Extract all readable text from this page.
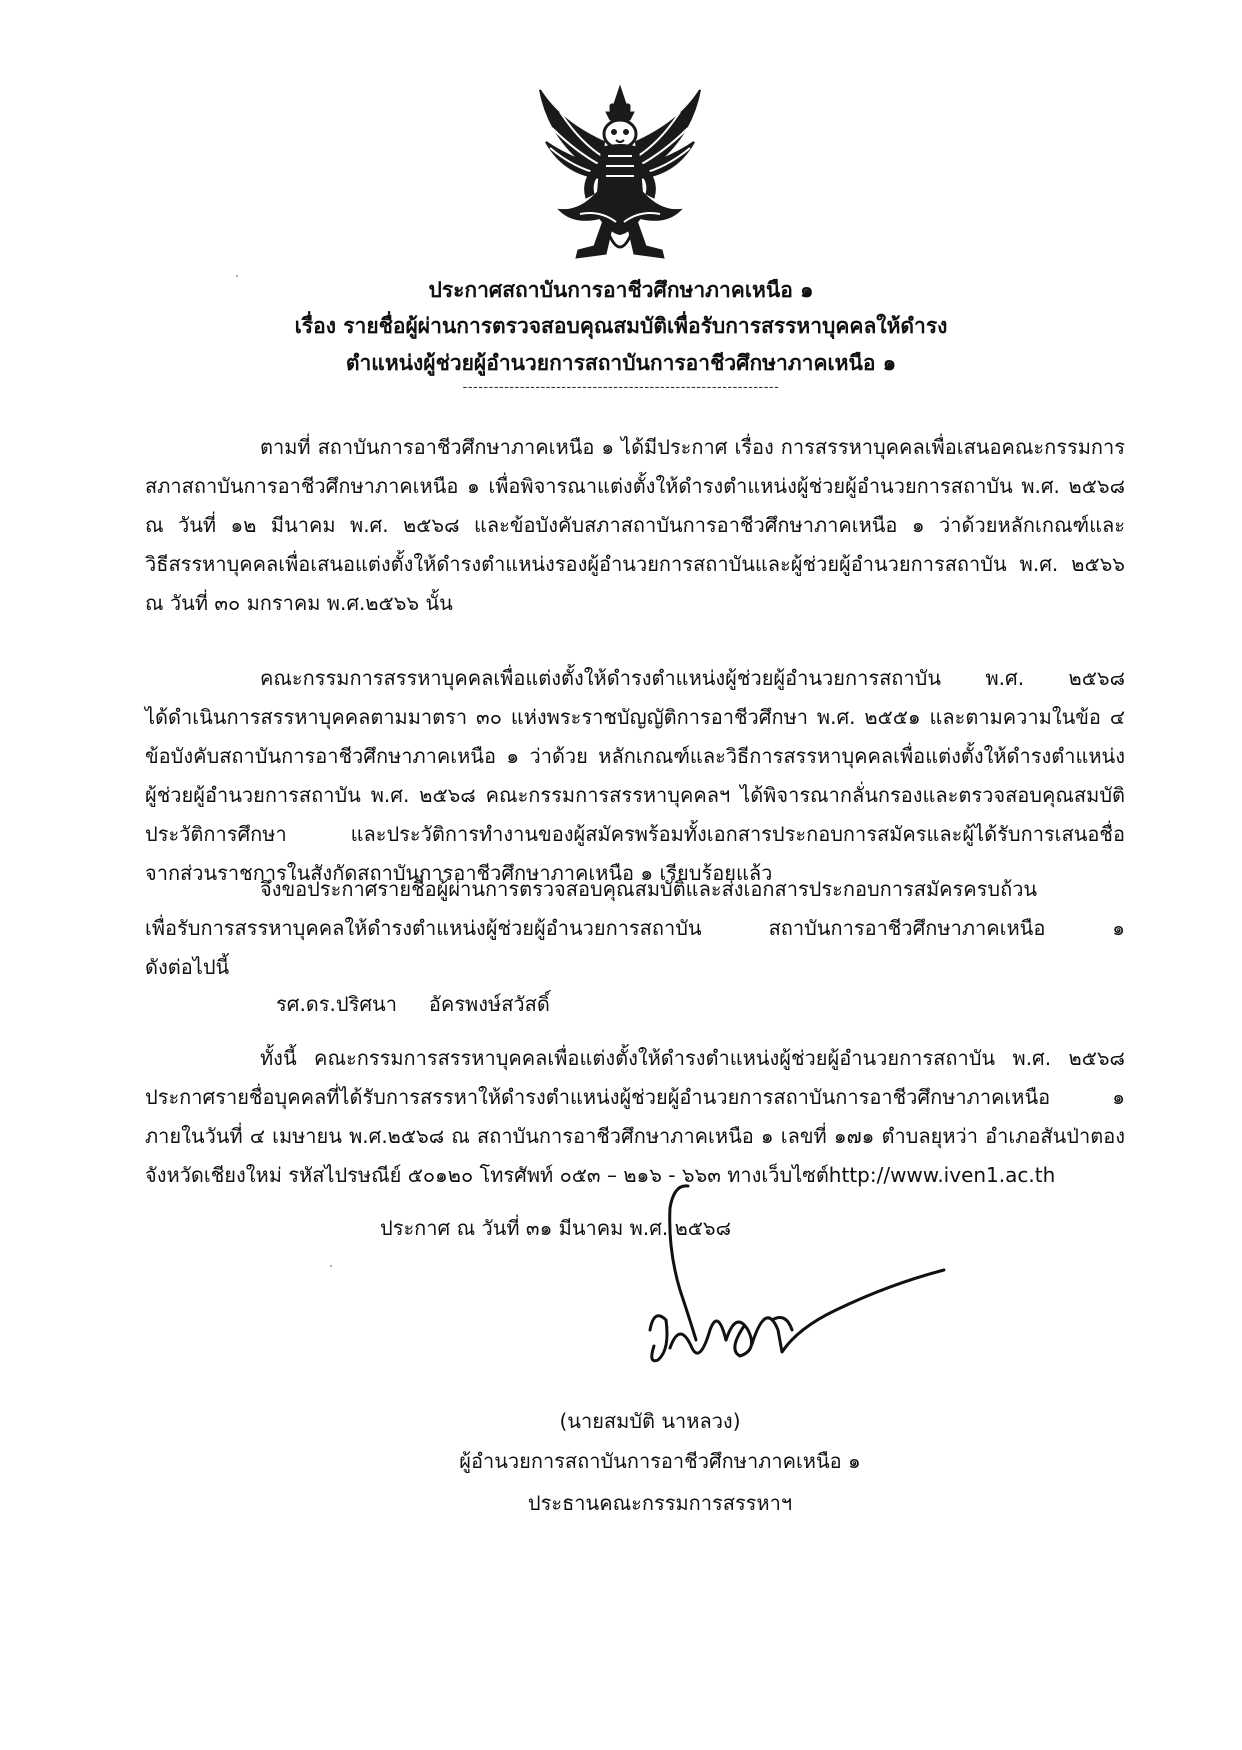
ประกาศสถาบันการอาชีวศึกษาภาคเหนือ ๑
เรื่อง รายชื่อผู้ผ่านการตรวจสอบคุณสมบัติเพื่อรับการสรรหาบุคคลให้ดำรง
ตำแหน่งผู้ช่วยผู้อำนวยการสถาบันการอาชีวศึกษาภาคเหนือ ๑
-------------------------------------------------------------
ตามที่ สถาบันการอาชีวศึกษาภาคเหนือ ๑ ได้มีประกาศ เรื่อง การสรรหาบุคคลเพื่อเสนอคณะกรรมการ
สภาสถาบันการอาชีวศึกษาภาคเหนือ ๑ เพื่อพิจารณาแต่งตั้งให้ดำรงตำแหน่งผู้ช่วยผู้อำนวยการสถาบัน พ.ศ. ๒๕๖๘
ณ วันที่ ๑๒ มีนาคม พ.ศ. ๒๕๖๘ และข้อบังคับสภาสถาบันการอาชีวศึกษาภาคเหนือ ๑ ว่าด้วยหลักเกณฑ์และ
วิธีสรรหาบุคคลเพื่อเสนอแต่งตั้งให้ดำรงตำแหน่งรองผู้อำนวยการสถาบันและผู้ช่วยผู้อำนวยการสถาบัน พ.ศ. ๒๕๖๖
ณ วันที่ ๓๐ มกราคม พ.ศ.๒๕๖๖ นั้น
คณะกรรมการสรรหาบุคคลเพื่อแต่งตั้งให้ดำรงตำแหน่งผู้ช่วยผู้อำนวยการสถาบัน พ.ศ. ๒๕๖๘
ได้ดำเนินการสรรหาบุคคลตามมาตรา ๓๐ แห่งพระราชบัญญัติการอาชีวศึกษา พ.ศ. ๒๕๕๑ และตามความในข้อ ๔
ข้อบังคับสถาบันการอาชีวศึกษาภาคเหนือ ๑ ว่าด้วย หลักเกณฑ์และวิธีการสรรหาบุคคลเพื่อแต่งตั้งให้ดำรงตำแหน่ง
ผู้ช่วยผู้อำนวยการสถาบัน พ.ศ. ๒๕๖๘ คณะกรรมการสรรหาบุคคลฯ ได้พิจารณากลั่นกรองและตรวจสอบคุณสมบัติ
ประวัติการศึกษา และประวัติการทำงานของผู้สมัครพร้อมทั้งเอกสารประกอบการสมัครและผู้ได้รับการเสนอชื่อ
จากส่วนราชการในสังกัดสถาบันการอาชีวศึกษาภาคเหนือ ๑ เรียบร้อยแล้ว
จึงขอประกาศรายชื่อผู้ผ่านการตรวจสอบคุณสมบัติและส่งเอกสารประกอบการสมัครครบถ้วน
เพื่อรับการสรรหาบุคคลให้ดำรงตำแหน่งผู้ช่วยผู้อำนวยการสถาบัน สถาบันการอาชีวศึกษาภาคเหนือ ๑
ดังต่อไปนี้
รศ.ดร.ปริศนา อัครพงษ์สวัสดิ์
ทั้งนี้ คณะกรรมการสรรหาบุคคลเพื่อแต่งตั้งให้ดำรงตำแหน่งผู้ช่วยผู้อำนวยการสถาบัน พ.ศ. ๒๕๖๘
ประกาศรายชื่อบุคคลที่ได้รับการสรรหาให้ดำรงตำแหน่งผู้ช่วยผู้อำนวยการสถาบันการอาชีวศึกษาภาคเหนือ ๑
ภายในวันที่ ๔ เมษายน พ.ศ.๒๕๖๘ ณ สถาบันการอาชีวศึกษาภาคเหนือ ๑ เลขที่ ๑๗๑ ตำบลยุหว่า อำเภอสันป่าตอง
จังหวัดเชียงใหม่ รหัสไปรษณีย์ ๕๐๑๒๐ โทรศัพท์ ๐๕๓ – ๒๑๖ - ๖๖๓ ทางเว็บไซต์http://www.iven1.ac.th
ประกาศ ณ วันที่ ๓๑ มีนาคม พ.ศ. ๒๕๖๘
(นายสมบัติ นาหลวง)
ผู้อำนวยการสถาบันการอาชีวศึกษาภาคเหนือ ๑
ประธานคณะกรรมการสรรหาฯ
